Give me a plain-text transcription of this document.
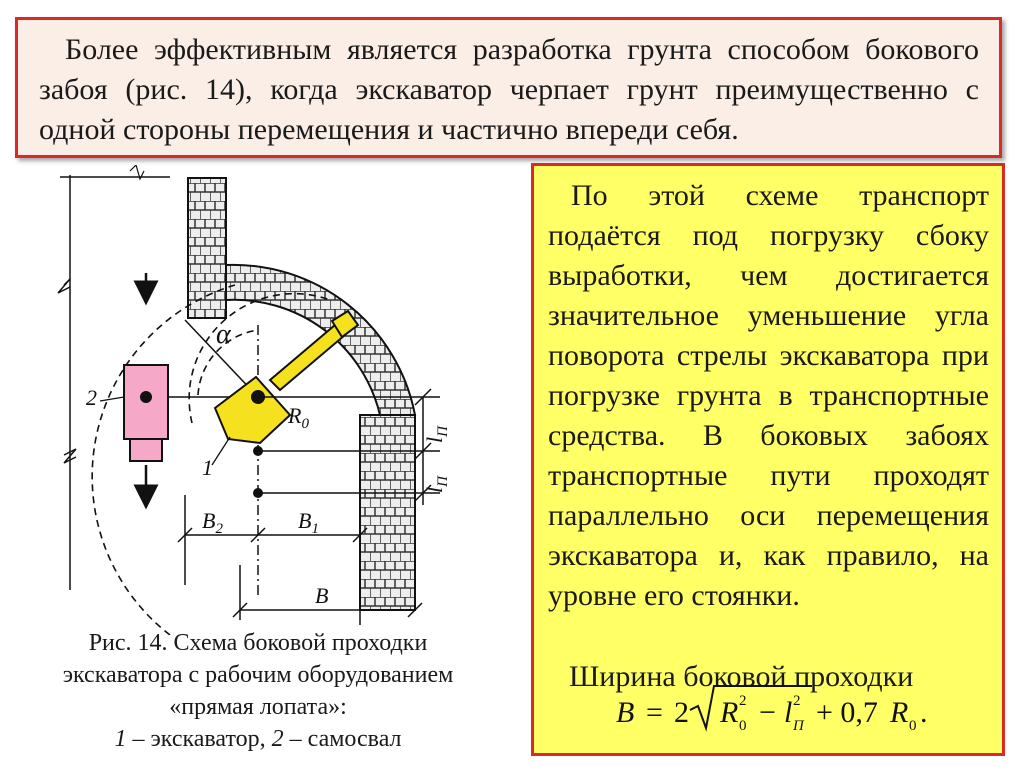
Более эффективным является разработка грунта способом бокового забоя (рис. 14), когда экскаватор черпает грунт преимущественно с одной стороны перемещения и частично впереди себя.

α
$R_0$
$l_П$
$l_П$
$B_2$	$B_1$
B
1
2

Рис. 14. Схема боковой проходки
экскаватора с рабочим оборудованием
«прямая лопата»:
1 – экскаватор, 2 – самосвал

По этой схеме транспорт подаётся под погрузку сбоку выработки, чем достигается значительное уменьшение угла поворота стрелы экскаватора при погрузке грунта в транспортные средства. В боковых забоях транспортные пути проходят параллельно оси перемещения экскаватора и, как правило, на уровне его стоянки.

Ширина боковой проходки

B = 2 R 0
2 − l П
2 + 0,7 R 0 .
